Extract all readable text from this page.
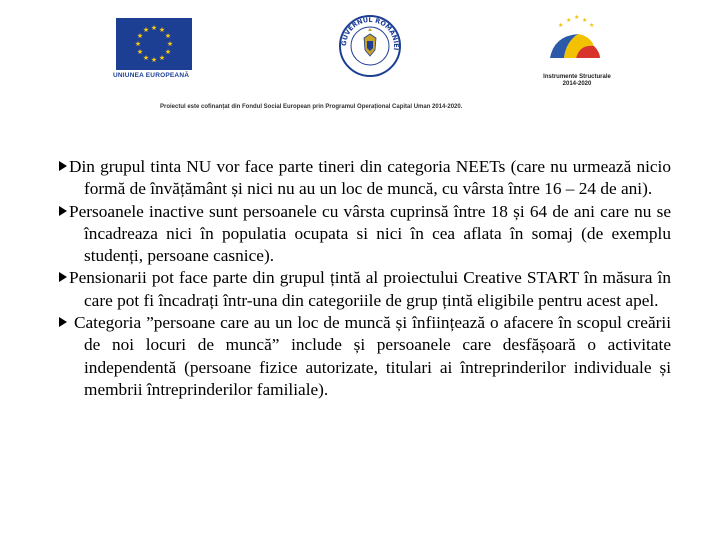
★ ★
★
★
★
★
★
★
★
★
★
★
UNIUNEA EUROPEANĂ
GUVERNUL ROMÂNIEI
★ ★ ★
★	★
Instrumente Structurale
2014-2020
Proiectul este cofinanțat din Fondul Social European prin Programul Operațional Capital Uman 2014-2020.

Din grupul tinta NU vor face parte tineri din categoria NEETs (care nu urmează nicio formă de învățământ și nici nu au un loc de muncă, cu vârsta între 16 – 24 de ani).

Persoanele inactive sunt persoanele cu vârsta cuprinsă între 18 și 64 de ani care nu se încadreaza nici în populatia ocupata si nici în cea aflata în somaj (de exemplu studenți, persoane casnice).

Pensionarii pot face parte din grupul țintă al proiectului Creative START în măsura în care pot fi încadrați într-una din categoriile de grup țintă eligibile pentru acest apel.

Categoria ”persoane care au un loc de muncă și înființează o afacere în scopul creării de noi locuri de muncă” include și persoanele care desfășoară o activitate independentă (persoane fizice autorizate, titulari ai întreprinderilor individuale și membrii întreprinderilor familiale).
